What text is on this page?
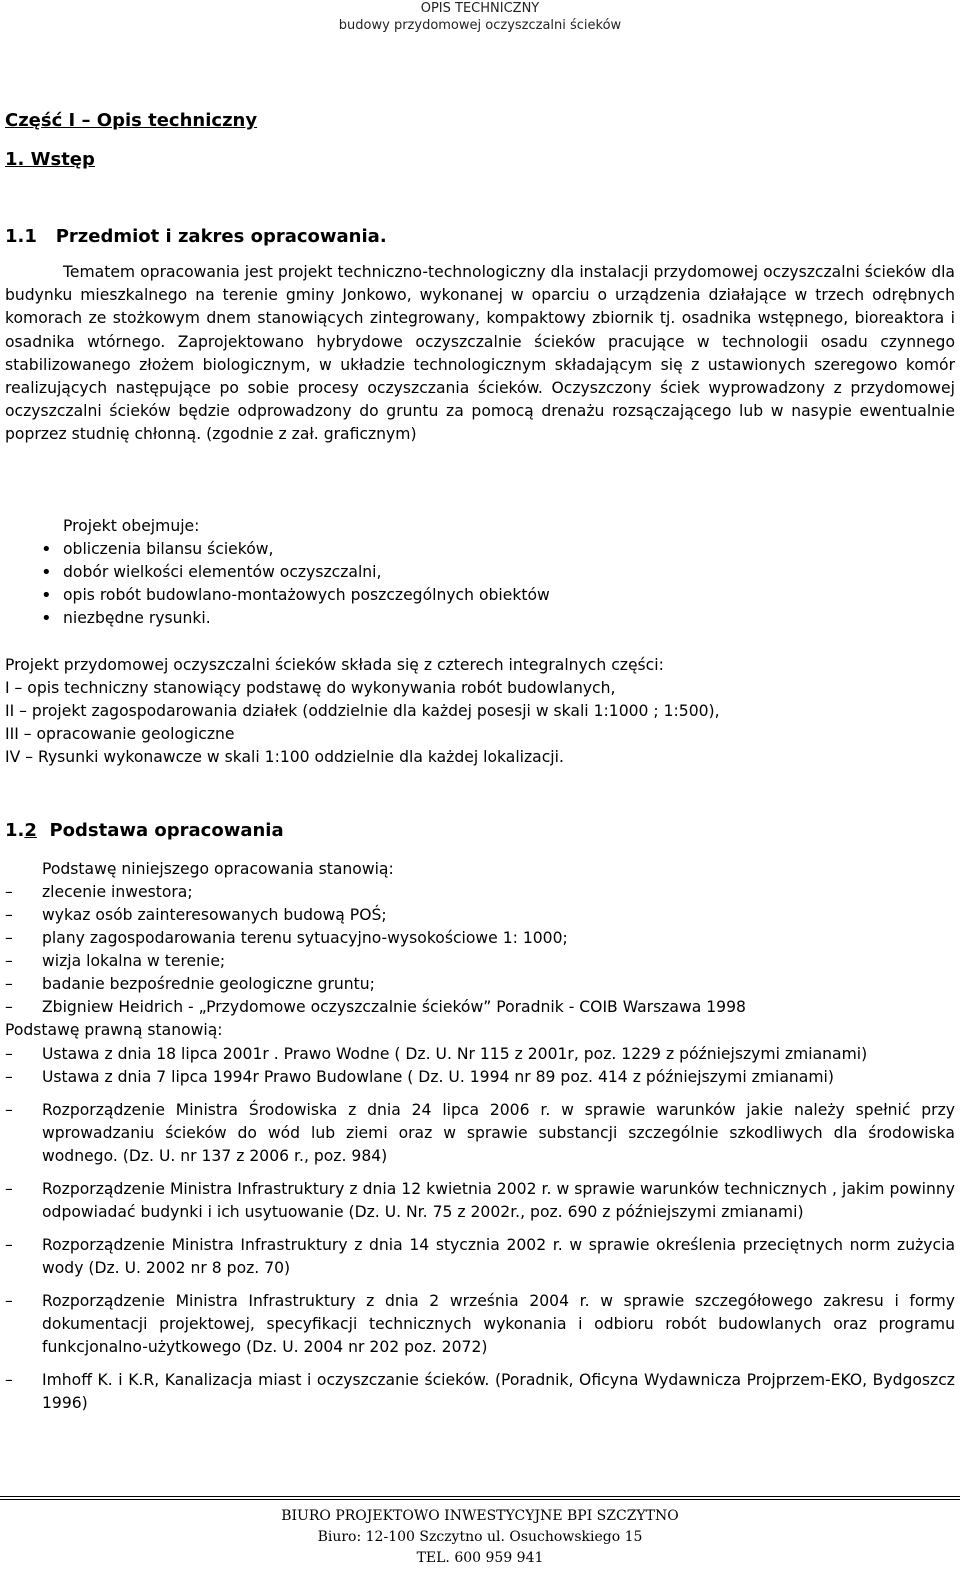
OPIS TECHNICZNY
budowy przydomowej oczyszczalni ścieków
Część I – Opis techniczny
1. Wstęp
1.1 Przedmiot i zakres opracowania.
Tematem opracowania jest projekt techniczno-technologiczny dla instalacji przydomowej oczyszczalni ścieków dla budynku mieszkalnego na terenie gminy Jonkowo, wykonanej w oparciu o urządzenia działające w trzech odrębnych komorach ze stożkowym dnem stanowiących zintegrowany, kompaktowy zbiornik tj. osadnika wstępnego, bioreaktora i osadnika wtórnego. Zaprojektowano hybrydowe oczyszczalnie ścieków pracujące w technologii osadu czynnego stabilizowanego złożem biologicznym, w układzie technologicznym składającym się z ustawionych szeregowo komór realizujących następujące po sobie procesy oczyszczania ścieków. Oczyszczony ściek wyprowadzony z przydomowej oczyszczalni ścieków będzie odprowadzony do gruntu za pomocą drenażu rozsączającego lub w nasypie ewentualnie poprzez studnię chłonną. (zgodnie z zał. graficznym)
Projekt obejmuje:
• obliczenia bilansu ścieków,
• dobór wielkości elementów oczyszczalni,
• opis robót budowlano-montażowych poszczególnych obiektów
• niezbędne rysunki.
Projekt przydomowej oczyszczalni ścieków składa się z czterech integralnych części:
I – opis techniczny stanowiący podstawę do wykonywania robót budowlanych,
II – projekt zagospodarowania działek (oddzielnie dla każdej posesji w skali 1:1000 ; 1:500),
III – opracowanie geologiczne
IV – Rysunki wykonawcze w skali 1:100 oddzielnie dla każdej lokalizacji.
1.2 Podstawa opracowania
Podstawę niniejszego opracowania stanowią:
– zlecenie inwestora;
– wykaz osób zainteresowanych budową POŚ;
– plany zagospodarowania terenu sytuacyjno-wysokościowe 1: 1000;
– wizja lokalna w terenie;
– badanie bezpośrednie geologiczne gruntu;
– Zbigniew Heidrich - „Przydomowe oczyszczalnie ścieków” Poradnik - COIB Warszawa 1998
Podstawę prawną stanowią:
– Ustawa z dnia 18 lipca 2001r . Prawo Wodne ( Dz. U. Nr 115 z 2001r, poz. 1229 z późniejszymi zmianami)
– Ustawa z dnia 7 lipca 1994r Prawo Budowlane ( Dz. U. 1994 nr 89 poz. 414 z późniejszymi zmianami)
– Rozporządzenie Ministra Środowiska z dnia 24 lipca 2006 r. w sprawie warunków jakie należy spełnić przy wprowadzaniu ścieków do wód lub ziemi oraz w sprawie substancji szczególnie szkodliwych dla środowiska wodnego. (Dz. U. nr 137 z 2006 r., poz. 984)
– Rozporządzenie Ministra Infrastruktury z dnia 12 kwietnia 2002 r. w sprawie warunków technicznych , jakim powinny odpowiadać budynki i ich usytuowanie (Dz. U. Nr. 75 z 2002r., poz. 690 z późniejszymi zmianami)
– Rozporządzenie Ministra Infrastruktury z dnia 14 stycznia 2002 r. w sprawie określenia przeciętnych norm zużycia wody (Dz. U. 2002 nr 8 poz. 70)
– Rozporządzenie Ministra Infrastruktury z dnia 2 września 2004 r. w sprawie szczegółowego zakresu i formy dokumentacji projektowej, specyfikacji technicznych wykonania i odbioru robót budowlanych oraz programu funkcjonalno-użytkowego (Dz. U. 2004 nr 202 poz. 2072)
– Imhoff K. i K.R, Kanalizacja miast i oczyszczanie ścieków. (Poradnik, Oficyna Wydawnicza Projprzem-EKO, Bydgoszcz 1996)
BIURO PROJEKTOWO INWESTYCYJNE BPI SZCZYTNO
Biuro: 12-100 Szczytno ul. Osuchowskiego 15
TEL. 600 959 941
